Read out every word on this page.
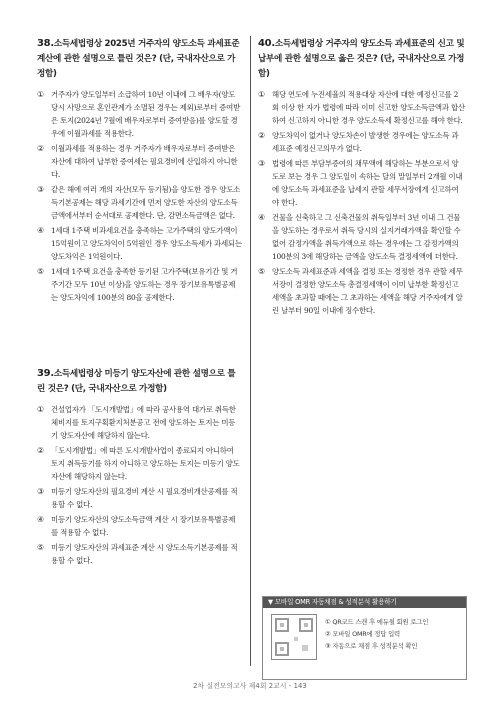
38.소득세법령상 2025년 거주자의 양도소득 과세표준 계산에 관한 설명으로 틀린 것은? (단, 국내자산으로 가정함)

① 거주자가 양도일부터 소급하여 10년 이내에 그 배우자(양도 당시 사망으로 혼인관계가 소멸된 경우는 제외)로부터 증여받은 토지(2024년 7월에 배우자로부터 증여받음)를 양도할 경우에 이월과세를 적용한다.
② 이월과세를 적용하는 경우 거주자가 배우자로부터 증여받은 자산에 대하여 납부한 증여세는 필요경비에 산입하지 아니한다.
③ 같은 해에 여러 개의 자산(모두 등기됨)을 양도한 경우 양도소득기본공제는 해당 과세기간에 먼저 양도한 자산의 양도소득금액에서부터 순서대로 공제한다. 단, 감면소득금액은 없다.
④ 1세대 1주택 비과세요건을 충족하는 고가주택의 양도가액이 15억원이고 양도차익이 5억원인 경우 양도소득세가 과세되는 양도차익은 1억원이다.
⑤ 1세대 1주택 요건을 충족한 등기된 고가주택(보유기간 및 거주기간 모두 10년 이상)을 양도하는 경우 장기보유특별공제는 양도차익에 100분의 80을 공제한다.

39.소득세법령상 미등기 양도자산에 관한 설명으로 틀린 것은? (단, 국내자산으로 가정함)

① 건설업자가 「도시개발법」에 따라 공사용역 대가로 취득한 체비지를 토지구획환지처분공고 전에 양도하는 토지는 미등기 양도자산에 해당하지 않는다.
② 「도시개발법」에 따른 도시개발사업이 종료되지 아니하여 토지 취득등기를 하지 아니하고 양도하는 토지는 미등기 양도자산에 해당하지 않는다.
③ 미등기 양도자산의 필요경비 계산 시 필요경비개산공제를 적용할 수 없다.
④ 미등기 양도자산의 양도소득금액 계산 시 장기보유특별공제를 적용할 수 없다.
⑤ 미등기 양도자산의 과세표준 계산 시 양도소득기본공제를 적용할 수 없다.

40.소득세법령상 거주자의 양도소득 과세표준의 신고 및 납부에 관한 설명으로 옳은 것은? (단, 국내자산으로 가정함)

① 해당 연도에 누진세율의 적용대상 자산에 대한 예정신고를 2회 이상 한 자가 법령에 따라 이미 신고한 양도소득금액과 합산하여 신고하지 아니한 경우 양도소득세 확정신고를 해야 한다.
② 양도차익이 없거나 양도차손이 발생한 경우에는 양도소득 과세표준 예정신고의무가 없다.
③ 법령에 따른 부담부증여의 채무액에 해당하는 부분으로서 양도로 보는 경우 그 양도일이 속하는 달의 말일부터 2개월 이내에 양도소득 과세표준을 납세지 관할 세무서장에게 신고하여야 한다.
④ 건물을 신축하고 그 신축건물의 취득일부터 3년 이내 그 건물을 양도하는 경우로서 취득 당시의 실지거래가액을 확인할 수 없어 감정가액을 취득가액으로 하는 경우에는 그 감정가액의 100분의 3에 해당하는 금액을 양도소득 결정세액에 더한다.
⑤ 양도소득 과세표준과 세액을 결정 또는 경정한 경우 관할 세무서장이 결정한 양도소득 총결정세액이 이미 납부한 확정신고세액을 초과할 때에는 그 초과하는 세액을 해당 거주자에게 알린 날부터 90일 이내에 징수한다.
▼ 모바일 OMR 자동채점 & 성적분석 활용하기
① QR코드 스캔 후 에듀윌 회원 로그인
② 모바일 OMR에 정답 입력
③ 자동으로 채점 후 성적분석 확인
2차 실전모의고사 제4회 2교시 - 143
